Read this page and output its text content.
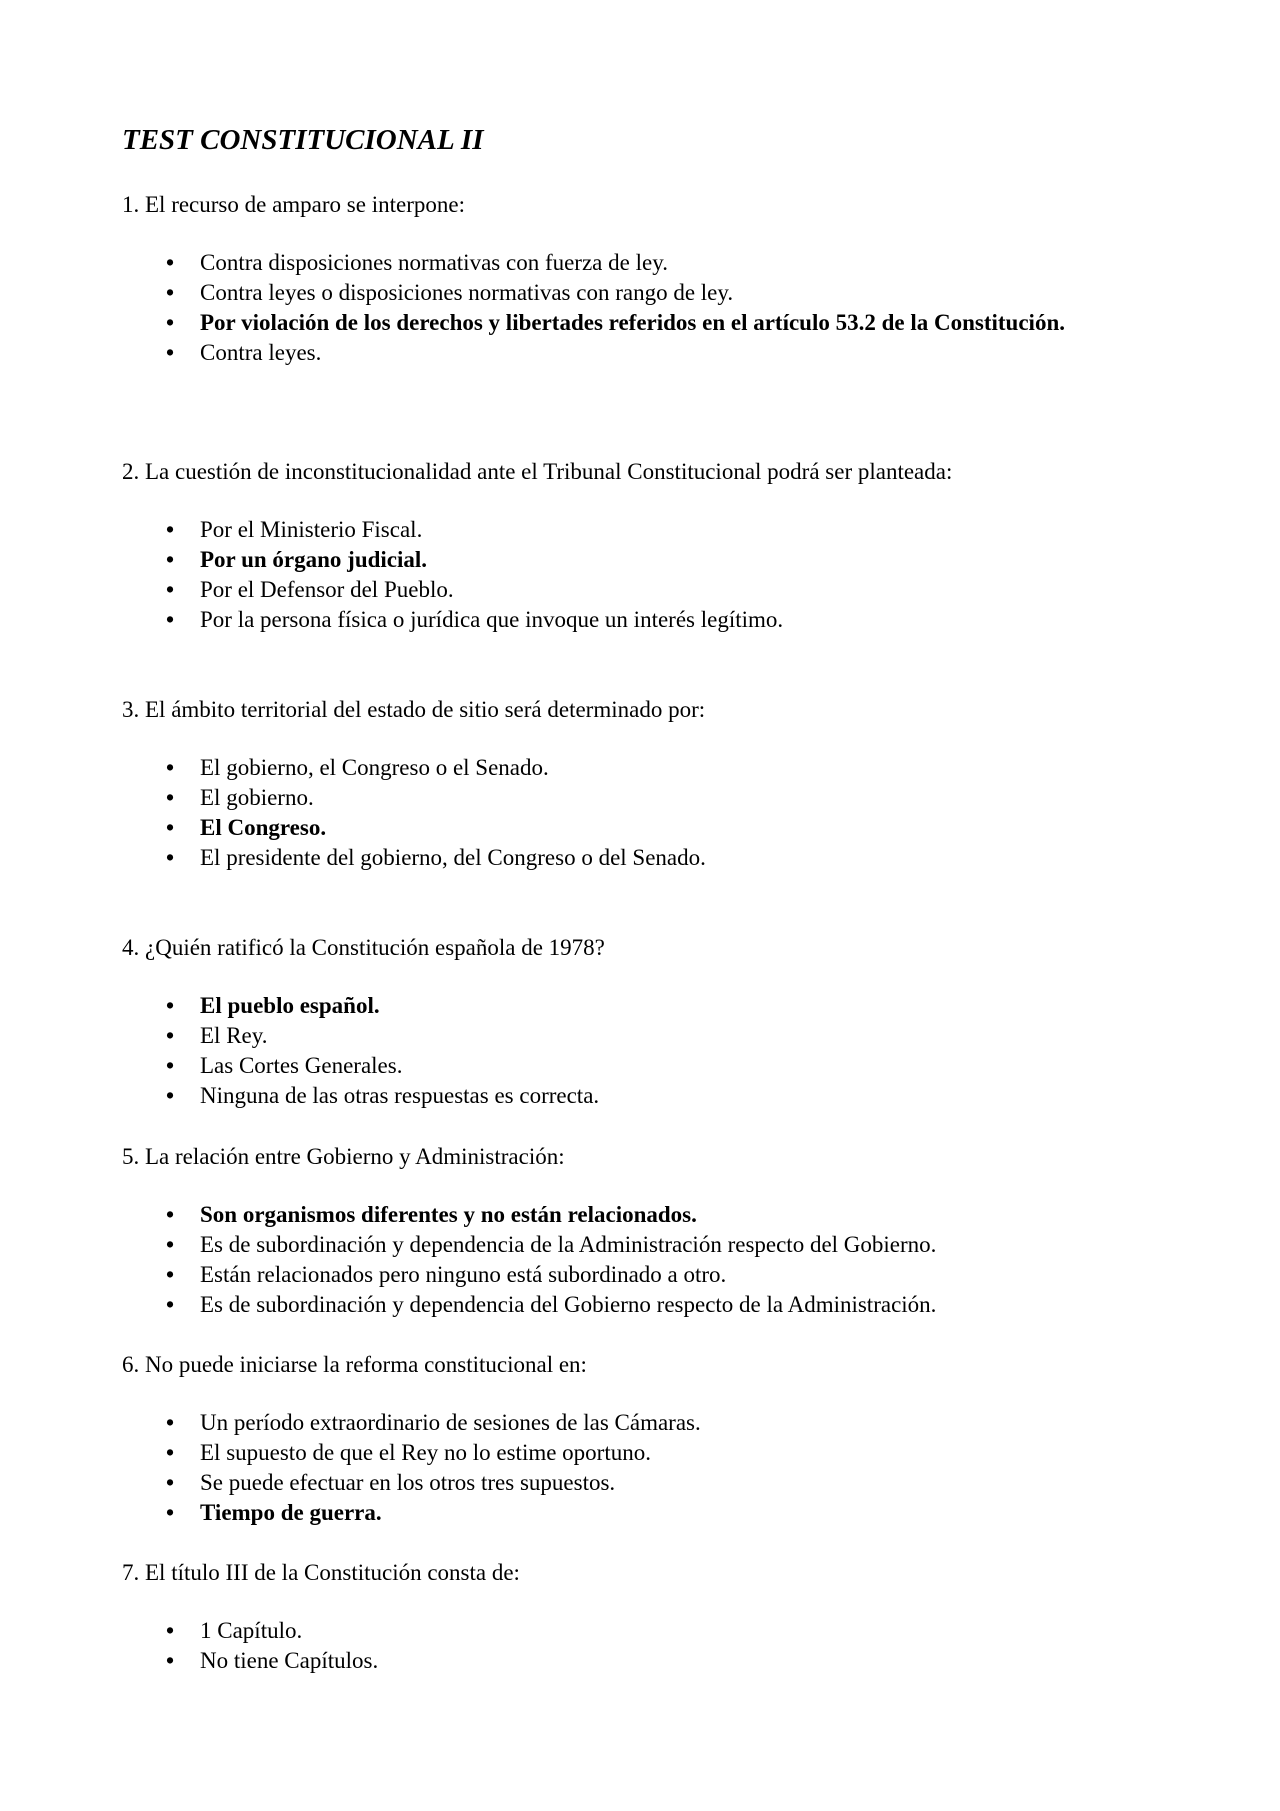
TEST CONSTITUCIONAL II

1. El recurso de amparo se interpone:

• Contra disposiciones normativas con fuerza de ley.
• Contra leyes o disposiciones normativas con rango de ley.
• Por violación de los derechos y libertades referidos en el artículo 53.2 de la Constitución.
• Contra leyes.

2. La cuestión de inconstitucionalidad ante el Tribunal Constitucional podrá ser planteada:

• Por el Ministerio Fiscal.
• Por un órgano judicial.
• Por el Defensor del Pueblo.
• Por la persona física o jurídica que invoque un interés legítimo.

3. El ámbito territorial del estado de sitio será determinado por:

• El gobierno, el Congreso o el Senado.
• El gobierno.
• El Congreso.
• El presidente del gobierno, del Congreso o del Senado.

4. ¿Quién ratificó la Constitución española de 1978?

• El pueblo español.
• El Rey.
• Las Cortes Generales.
• Ninguna de las otras respuestas es correcta.

5. La relación entre Gobierno y Administración:

• Son organismos diferentes y no están relacionados.
• Es de subordinación y dependencia de la Administración respecto del Gobierno.
• Están relacionados pero ninguno está subordinado a otro.
• Es de subordinación y dependencia del Gobierno respecto de la Administración.

6. No puede iniciarse la reforma constitucional en:

• Un período extraordinario de sesiones de las Cámaras.
• El supuesto de que el Rey no lo estime oportuno.
• Se puede efectuar en los otros tres supuestos.
• Tiempo de guerra.

7. El título III de la Constitución consta de:

• 1 Capítulo.
• No tiene Capítulos.
